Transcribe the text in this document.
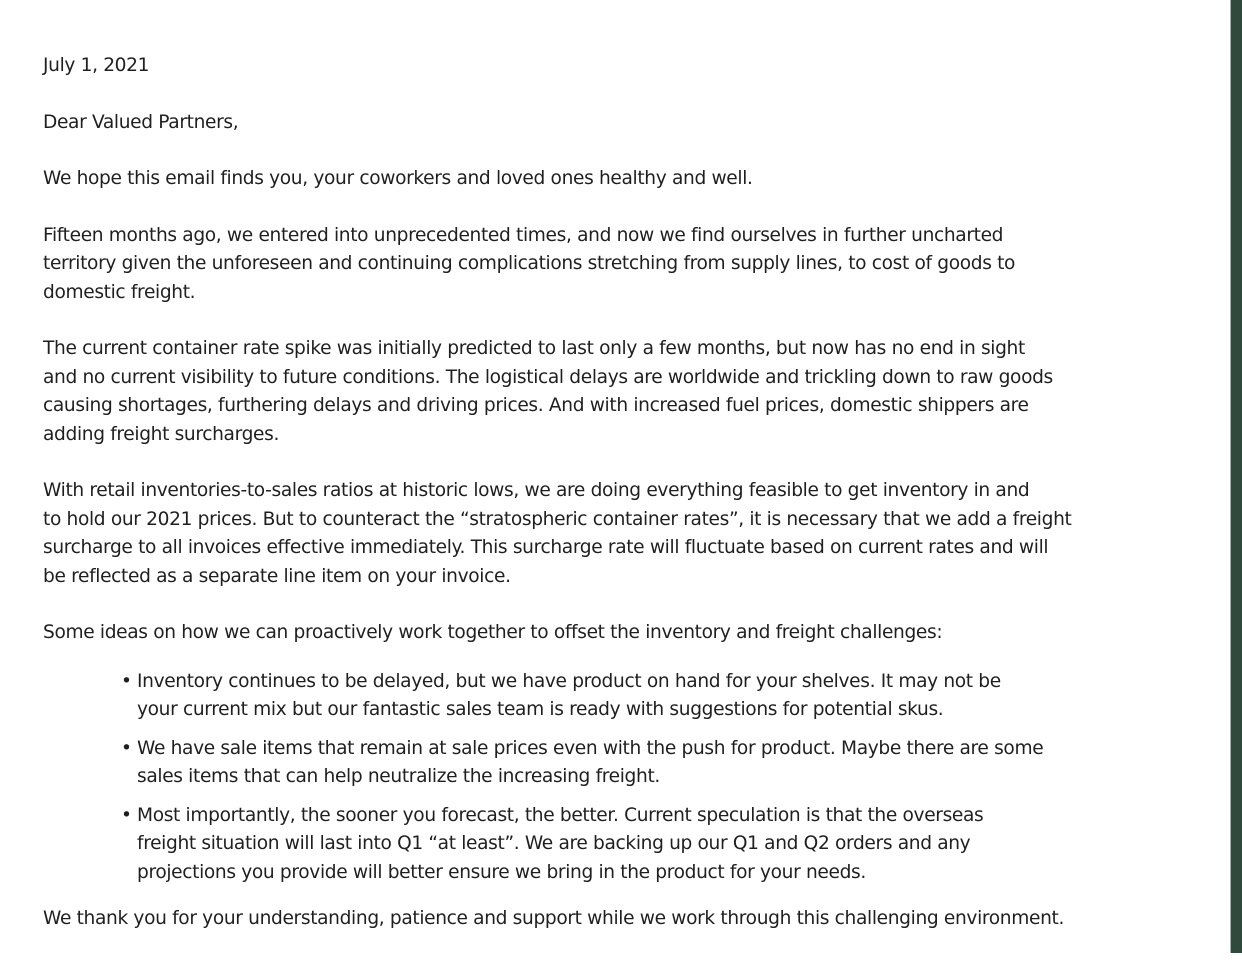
July 1, 2021

Dear Valued Partners,

We hope this email finds you, your coworkers and loved ones healthy and well.

Fifteen months ago, we entered into unprecedented times, and now we find ourselves in further uncharted
territory given the unforeseen and continuing complications stretching from supply lines, to cost of goods to
domestic freight.

The current container rate spike was initially predicted to last only a few months, but now has no end in sight
and no current visibility to future conditions. The logistical delays are worldwide and trickling down to raw goods
causing shortages, furthering delays and driving prices. And with increased fuel prices, domestic shippers are
adding freight surcharges.

With retail inventories-to-sales ratios at historic lows, we are doing everything feasible to get inventory in and
to hold our 2021 prices. But to counteract the “stratospheric container rates”, it is necessary that we add a freight
surcharge to all invoices effective immediately. This surcharge rate will fluctuate based on current rates and will
be reflected as a separate line item on your invoice.

Some ideas on how we can proactively work together to offset the inventory and freight challenges:

• Inventory continues to be delayed, but we have product on hand for your shelves. It may not be
your current mix but our fantastic sales team is ready with suggestions for potential skus.
• We have sale items that remain at sale prices even with the push for product. Maybe there are some
sales items that can help neutralize the increasing freight.
• Most importantly, the sooner you forecast, the better. Current speculation is that the overseas
freight situation will last into Q1 “at least”. We are backing up our Q1 and Q2 orders and any
projections you provide will better ensure we bring in the product for your needs.

We thank you for your understanding, patience and support while we work through this challenging environment.
